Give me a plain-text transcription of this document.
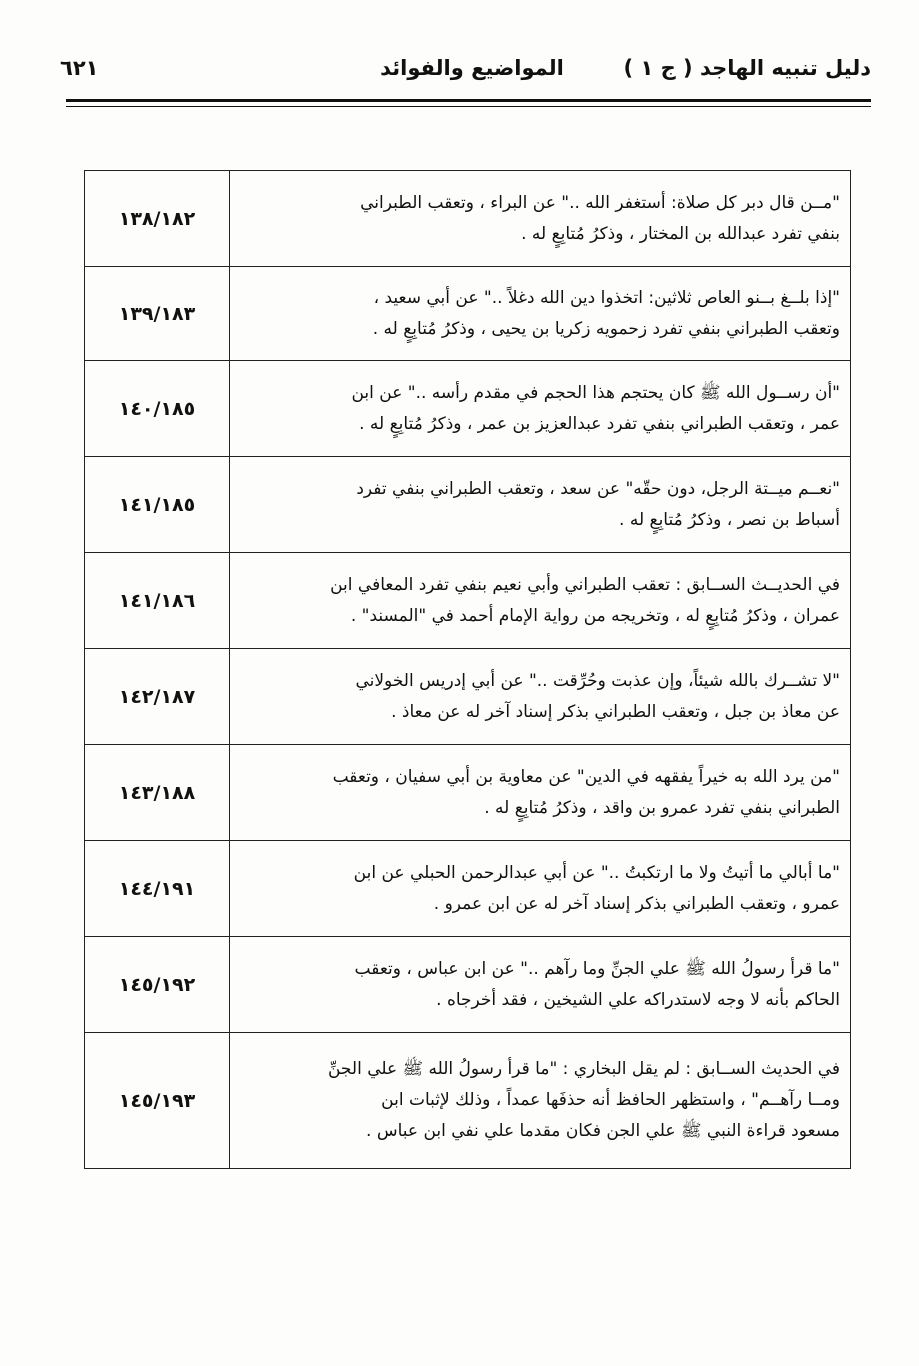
دليل تنبيه الهاجد ( ج ١ )
المواضيع والفوائد
٦٢١
"مــن قال دبر كل صلاة: أستغفر الله .." عن البراء ، وتعقب الطبراني
بنفي تفرد عبدالله بن المختار ، وذكرُ مُتابِعٍ له .	١٣٨/١٨٢

"إذا بلــغ بــنو العاص ثلاثين: اتخذوا دين الله دغلاً .." عن أبي سعيد ،
وتعقب الطبراني بنفي تفرد زحمويه زكريا بن يحيى ، وذكرُ مُتابِعٍ له .	١٣٩/١٨٣

"أن رســول الله ﷺ كان يحتجم هذا الحجم في مقدم رأسه .." عن ابن
عمر ، وتعقب الطبراني بنفي تفرد عبدالعزيز بن عمر ، وذكرُ مُتابِعٍ له .	١٤٠/١٨٥

"نعــم ميــتة الرجل، دون حقّه" عن سعد ، وتعقب الطبراني بنفي تفرد
أسباط بن نصر ، وذكرُ مُتابِعٍ له .	١٤١/١٨٥

في الحديــث الســابق : تعقب الطبراني وأبي نعيم بنفي تفرد المعافي ابن
عمران ، وذكرُ مُتابِعٍ له ، وتخريجه من رواية الإمام أحمد في "المسند" .	١٤١/١٨٦

"لا تشــرك بالله شيئاً، وإن عذبت وحُرِّقت .." عن أبي إدريس الخولاني
عن معاذ بن جبل ، وتعقب الطبراني بذكر إسناد آخر له عن معاذ .	١٤٢/١٨٧

"من يرد الله به خيراً يفقهه في الدين" عن معاوية بن أبي سفيان ، وتعقب
الطبراني بنفي تفرد عمرو بن واقد ، وذكرُ مُتابِعٍ له .	١٤٣/١٨٨

"ما أبالي ما أتيتُ ولا ما ارتكبتُ .." عن أبي عبدالرحمن الحبلي عن ابن
عمرو ، وتعقب الطبراني بذكر إسناد آخر له عن ابن عمرو .	١٤٤/١٩١

"ما قرأ رسولُ الله ﷺ علي الجنِّ وما رآهم .." عن ابن عباس ، وتعقب
الحاكم بأنه لا وجه لاستدراكه علي الشيخين ، فقد أخرجاه .	١٤٥/١٩٢

في الحديث الســابق : لم يقل البخاري : "ما قرأ رسولُ الله ﷺ علي الجنِّ
ومــا رآهــم" ، واستظهر الحافظ أنه حذفَها عمداً ، وذلك لإثبات ابن
مسعود قراءة النبي ﷺ علي الجن فكان مقدما علي نفي ابن عباس .	١٤٥/١٩٣
